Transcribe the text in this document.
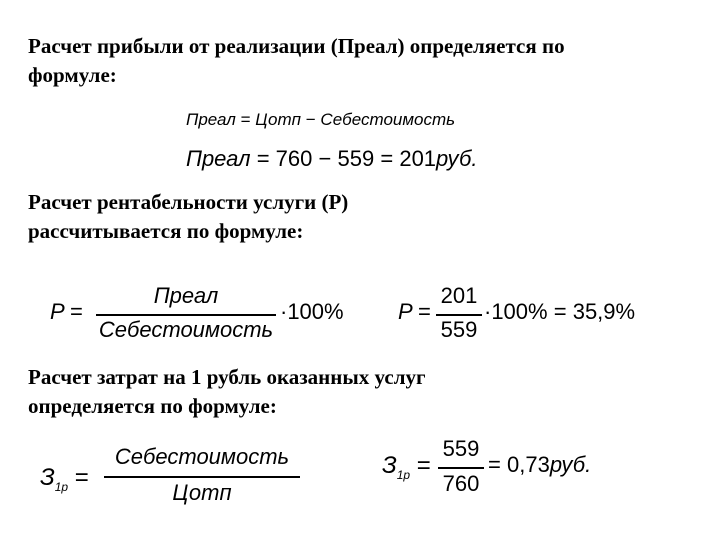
Расчет прибыли от реализации (Преал) определяется по

формуле:

Преал = Цотп − Себестоимость
Преал = 760 − 559 = 201руб.

Расчет рентабельности услуги (Р)

рассчитывается по формуле:

P =
Преал
Себестоимость
·100% P =
201
559
·100% = 35,9%

Расчет затрат на 1 рубль оказанных услуг

определяется по формуле:

$З_{1р}$ =
Себестоимость
Цотп
$З_{1р}$ =
559
760
= 0,73руб.
